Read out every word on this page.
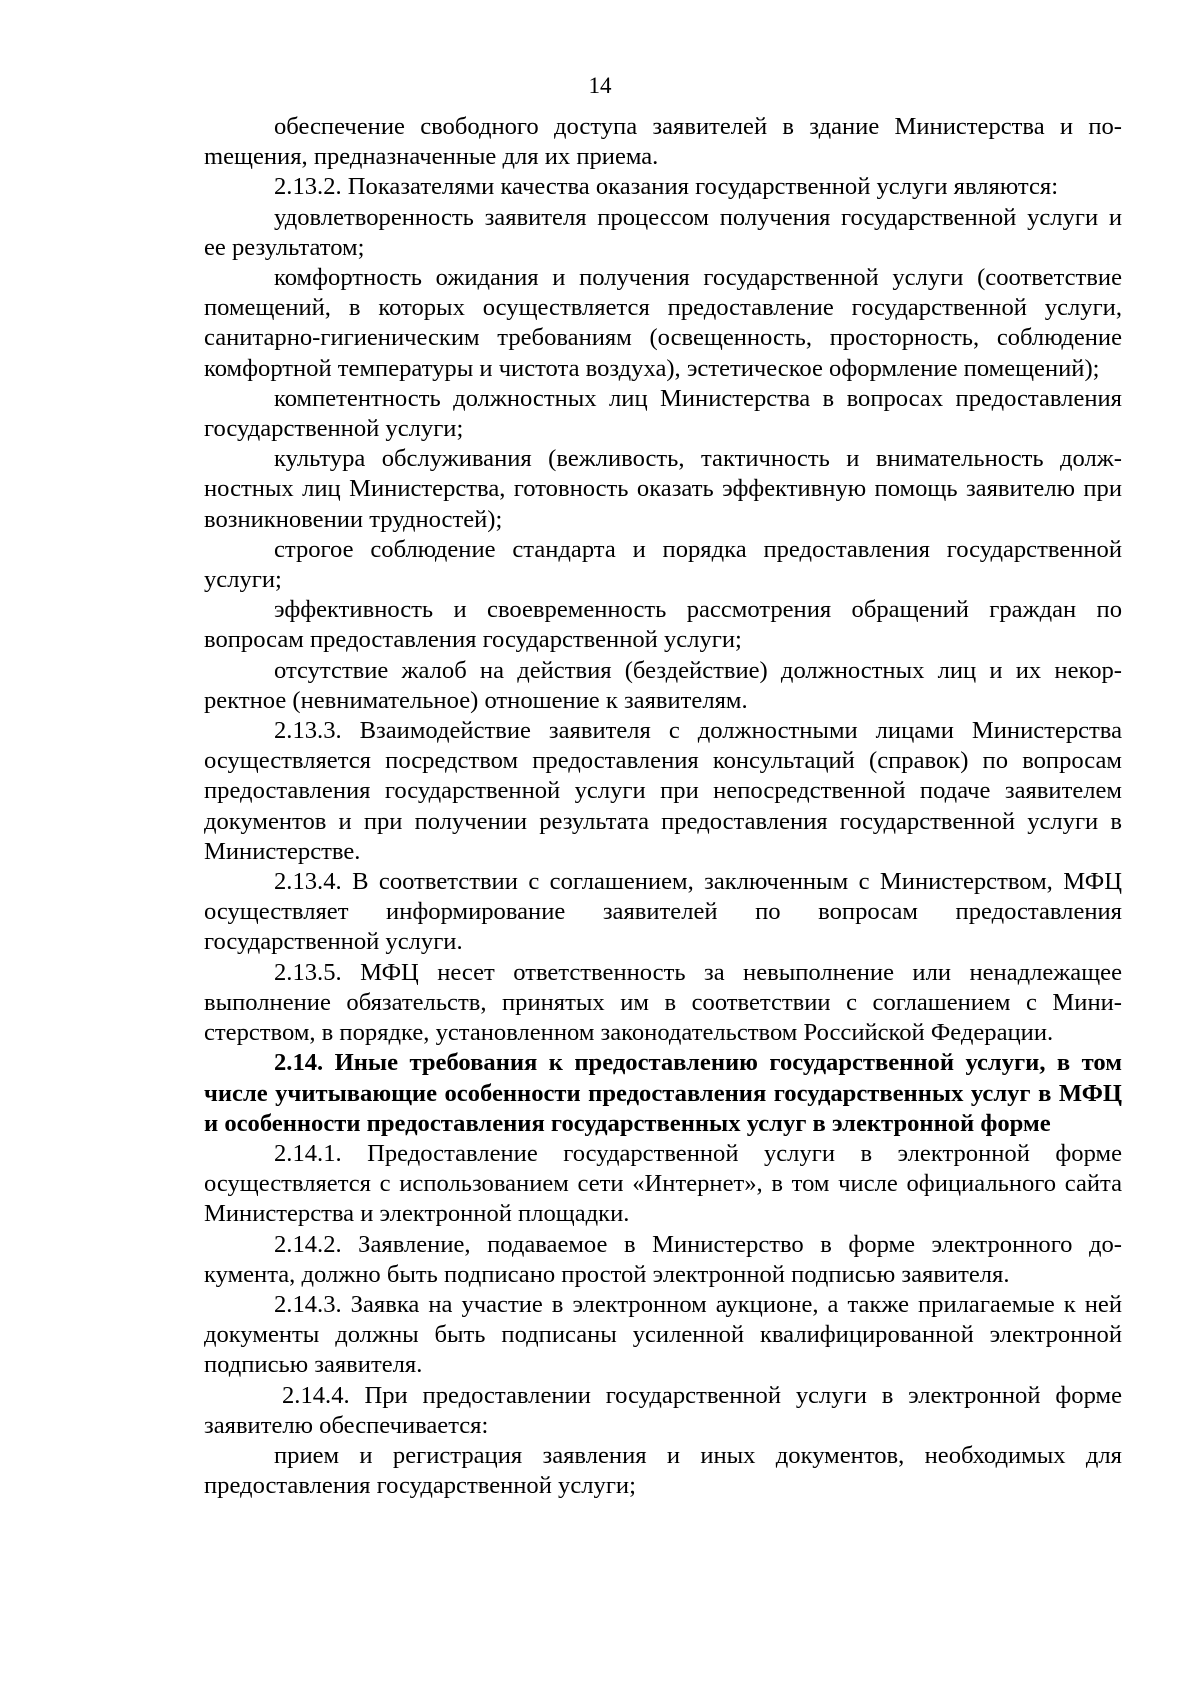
14

обеспечение свободного доступа заявителей в здание Министерства и поmещения, предназначенные для их приема.

2.13.2. Показателями качества оказания государственной услуги являются:

удовлетворенность заявителя процессом получения государственной услуги и ее результатом;

комфортность ожидания и получения государственной услуги (соответствие помещений, в которых осуществляется предоставление государственной услуги, санитарно-гигиеническим требованиям (освещенность, просторность, соблюдение комфортной температуры и чистота воздуха), эстетическое оформление помещений);

компетентность должностных лиц Министерства в вопросах предоставления государственной услуги;

культура обслуживания (вежливость, тактичность и внимательность должностных лиц Министерства, готовность оказать эффективную помощь заявителю при возникновении трудностей);

строгое соблюдение стандарта и порядка предоставления государственной услуги;

эффективность и своевременность рассмотрения обращений граждан по вопросам предоставления государственной услуги;

отсутствие жалоб на действия (бездействие) должностных лиц и их некорректное (невнимательное) отношение к заявителям.

2.13.3. Взаимодействие заявителя с должностными лицами Министерства осуществляется посредством предоставления консультаций (справок) по вопросам предоставления государственной услуги при непосредственной подаче заявителем документов и при получении результата предоставления государственной услуги в Министерстве.

2.13.4. В соответствии с соглашением, заключенным с Министерством, МФЦ осуществляет информирование заявителей по вопросам предоставления государственной услуги.

2.13.5. МФЦ несет ответственность за невыполнение или ненадлежащее выполнение обязательств, принятых им в соответствии с соглашением с Министерством, в порядке, установленном законодательством Российской Федерации.

2.14. Иные требования к предоставлению государственной услуги, в том числе учитывающие особенности предоставления государственных услуг в МФЦ и особенности предоставления государственных услуг в электронной форме

2.14.1. Предоставление государственной услуги в электронной форме осуществляется с использованием сети «Интернет», в том числе официального сайта Министерства и электронной площадки.

2.14.2. Заявление, подаваемое в Министерство в форме электронного документа, должно быть подписано простой электронной подписью заявителя.

2.14.3. Заявка на участие в электронном аукционе, а также прилагаемые к ней документы должны быть подписаны усиленной квалифицированной электронной подписью заявителя.

2.14.4. При предоставлении государственной услуги в электронной форме заявителю обеспечивается:

прием и регистрация заявления и иных документов, необходимых для предоставления государственной услуги;
